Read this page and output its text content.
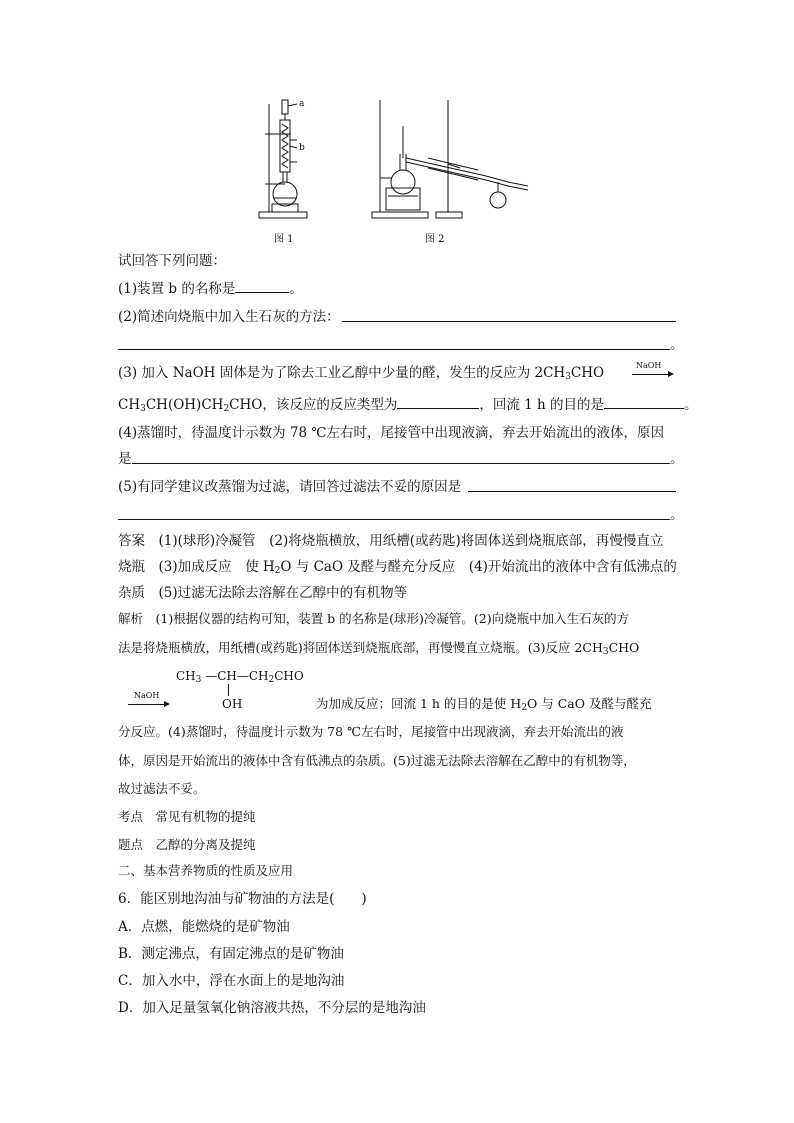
a
b
图 1	图 2
试回答下列问题：
(1)装置 b 的名称是	。
(2)简述向烧瓶中加入生石灰的方法：
。
(3) 加入 NaOH 固体是为了除去工业乙醇中少量的醛，发生的反应为 $2CH_3CHO$	NaOH
$CH_3CH(OH)CH_2CHO$，该反应的反应类型为	，回流 1 h 的目的是	。
(4)蒸馏时，待温度计示数为 78 ℃左右时，尾接管中出现液滴，弃去开始流出的液体，原因
是	。
(5)有同学建议改蒸馏为过滤，请回答过滤法不妥的原因是
。
答案　(1)(球形)冷凝管　(2)将烧瓶横放，用纸槽(或药匙)将固体送到烧瓶底部，再慢慢直立
烧瓶　(3)加成反应　使 $H_2O$ 与 CaO 及醛与醛充分反应　(4)开始流出的液体中含有低沸点的
杂质　(5)过滤无法除去溶解在乙醇中的有机物等
解析　(1)根据仪器的结构可知，装置 b 的名称是(球形)冷凝管。(2)向烧瓶中加入生石灰的方
法是将烧瓶横放，用纸槽(或药匙)将固体送到烧瓶底部，再慢慢直立烧瓶。(3)反应 $2CH_3CHO$
$CH_3$ $—CH—CH_2CHO$
OH
NaOH
为加成反应；回流 1 h 的目的是使 $H_2O$ 与 CaO 及醛与醛充
分反应。(4)蒸馏时，待温度计示数为 78 ℃左右时，尾接管中出现液滴，弃去开始流出的液
体，原因是开始流出的液体中含有低沸点的杂质。(5)过滤无法除去溶解在乙醇中的有机物等，
故过滤法不妥。
考点　常见有机物的提纯
题点　乙醇的分离及提纯
二、基本营养物质的性质及应用
6．能区别地沟油与矿物油的方法是(　　)
A．点燃，能燃烧的是矿物油
B．测定沸点，有固定沸点的是矿物油
C．加入水中，浮在水面上的是地沟油
D．加入足量氢氧化钠溶液共热，不分层的是地沟油
